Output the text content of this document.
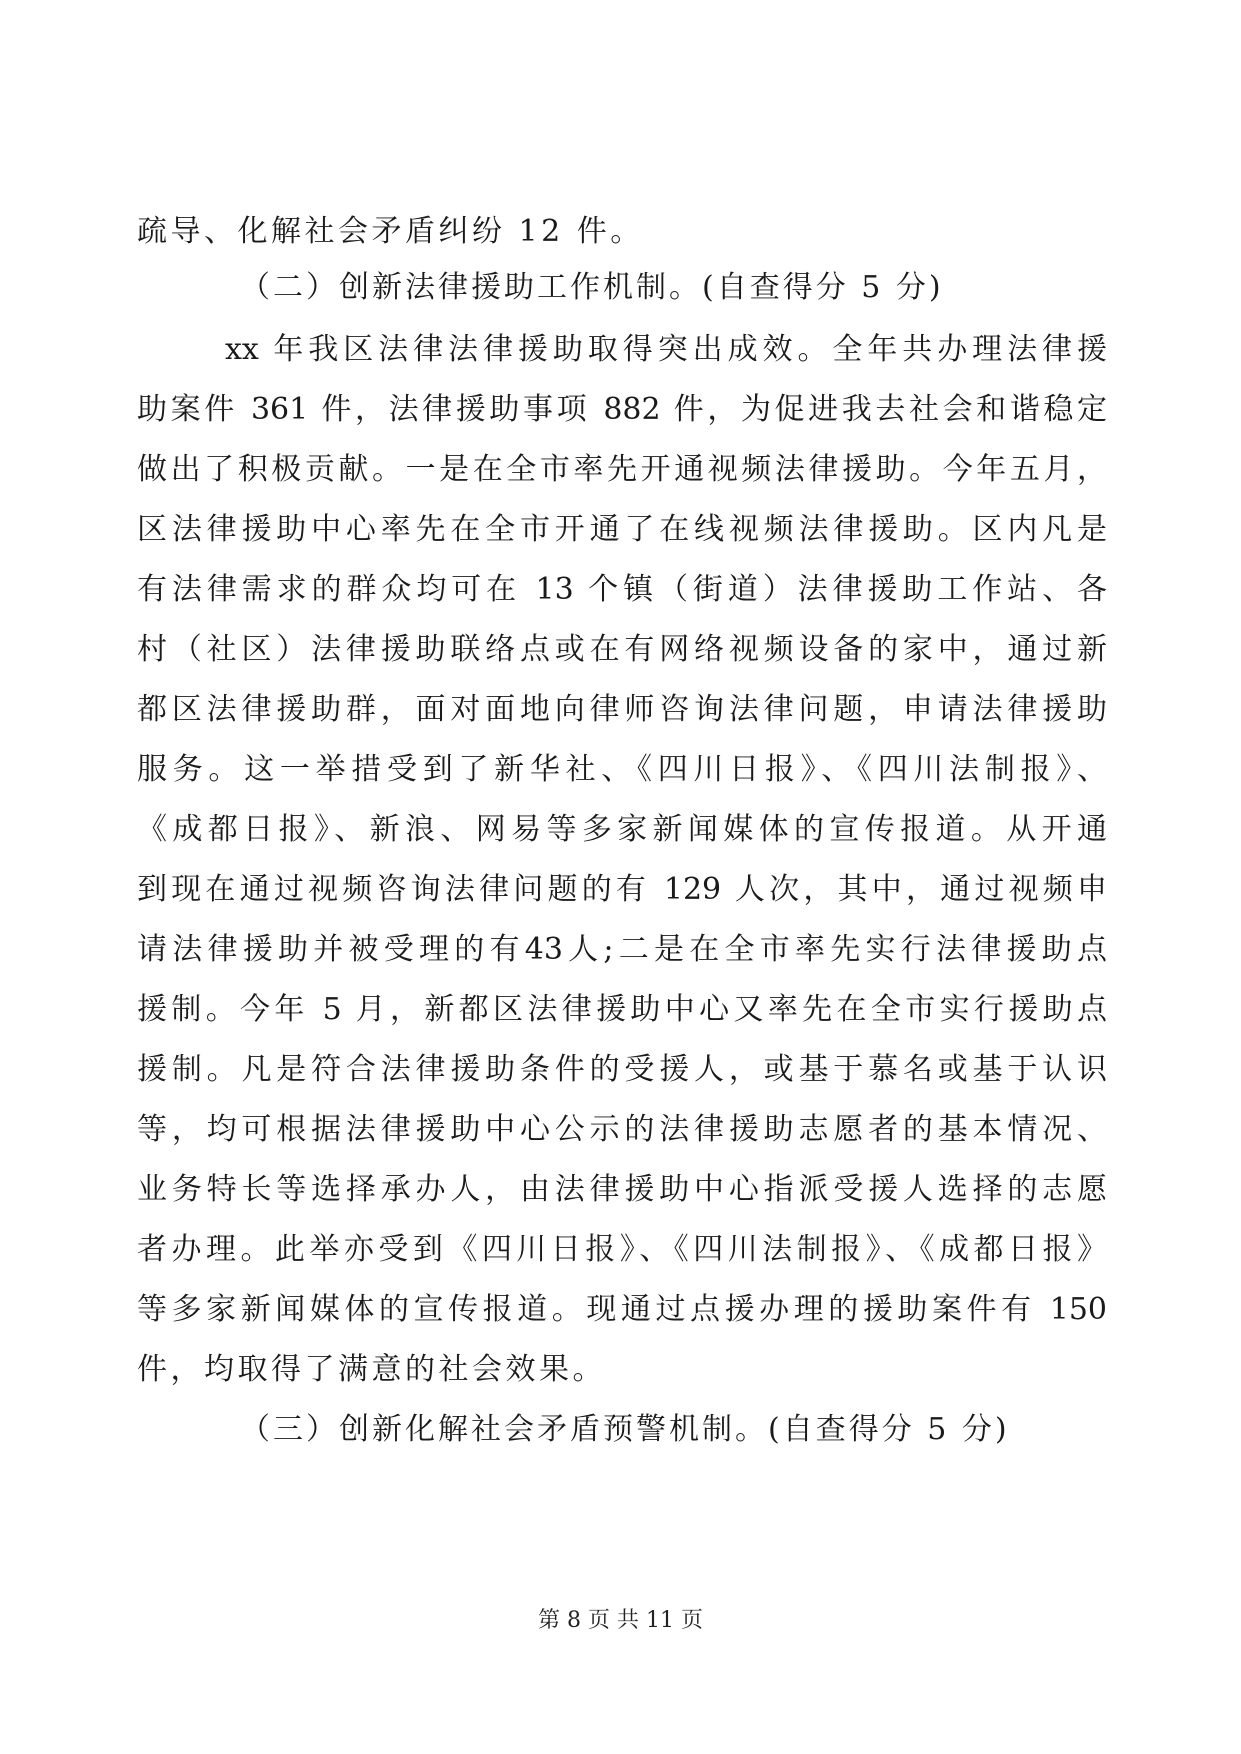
疏导、化解社会矛盾纠纷 12 件。
（二）创新法律援助工作机制。(自查得分 5 分)
xx 年我区法律法律援助取得突出成效。全年共办理法律援
助案件 361 件，法律援助事项 882 件，为促进我去社会和谐稳定
做出了积极贡献。一是在全市率先开通视频法律援助。今年五月，
区法律援助中心率先在全市开通了在线视频法律援助。区内凡是
有法律需求的群众均可在 13 个镇（街道）法律援助工作站、各
村（社区）法律援助联络点或在有网络视频设备的家中，通过新
都区法律援助群，面对面地向律师咨询法律问题，申请法律援助
服务。这一举措受到了新华社、《四川日报》、《四川法制报》、
《成都日报》、新浪、网易等多家新闻媒体的宣传报道。从开通
到现在通过视频咨询法律问题的有 129 人次，其中，通过视频申
请法律援助并被受理的有43人;二是在全市率先实行法律援助点
援制。今年 5 月，新都区法律援助中心又率先在全市实行援助点
援制。凡是符合法律援助条件的受援人，或基于慕名或基于认识
等，均可根据法律援助中心公示的法律援助志愿者的基本情况、
业务特长等选择承办人，由法律援助中心指派受援人选择的志愿
者办理。此举亦受到《四川日报》、《四川法制报》、《成都日报》
等多家新闻媒体的宣传报道。现通过点援办理的援助案件有 150
件，均取得了满意的社会效果。
（三）创新化解社会矛盾预警机制。(自查得分 5 分)
第 8 页 共 11 页
